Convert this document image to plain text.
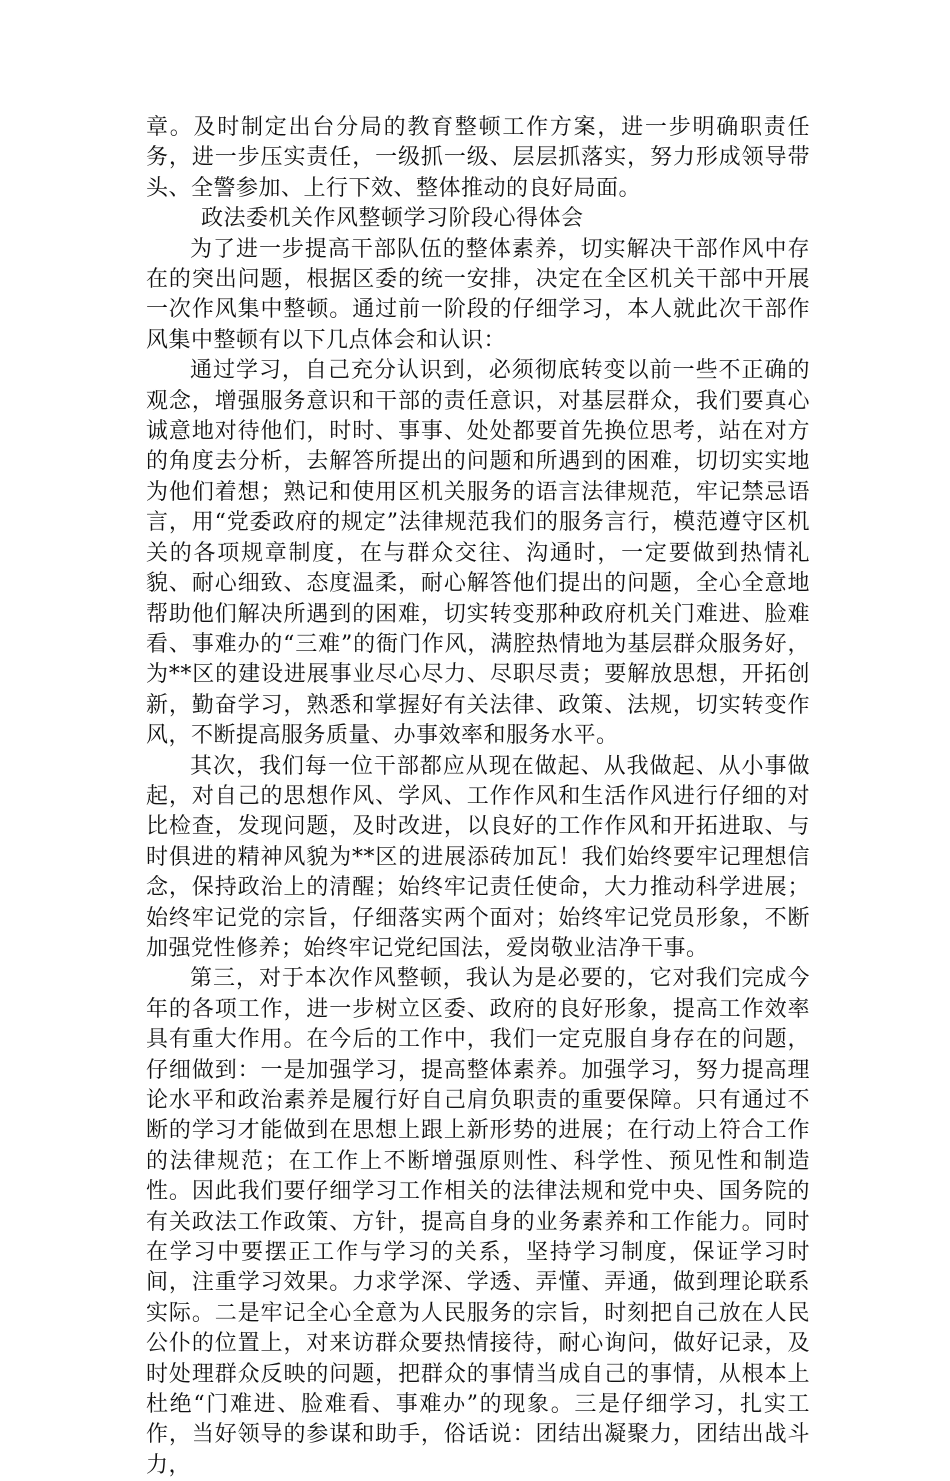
章。及时制定出台分局的教育整顿工作方案，进一步明确职责任务，进一步压实责任，一级抓一级、层层抓落实，努力形成领导带头、全警参加、上行下效、整体推动的良好局面。

政法委机关作风整顿学习阶段心得体会

为了进一步提高干部队伍的整体素养，切实解决干部作风中存在的突出问题，根据区委的统一安排，决定在全区机关干部中开展一次作风集中整顿。通过前一阶段的仔细学习，本人就此次干部作风集中整顿有以下几点体会和认识：

通过学习，自己充分认识到，必须彻底转变以前一些不正确的观念，增强服务意识和干部的责任意识，对基层群众，我们要真心诚意地对待他们，时时、事事、处处都要首先换位思考，站在对方的角度去分析，去解答所提出的问题和所遇到的困难，切切实实地为他们着想；熟记和使用区机关服务的语言法律规范，牢记禁忌语言，用“党委政府的规定”法律规范我们的服务言行，模范遵守区机关的各项规章制度，在与群众交往、沟通时，一定要做到热情礼貌、耐心细致、态度温柔，耐心解答他们提出的问题，全心全意地帮助他们解决所遇到的困难，切实转变那种政府机关门难进、脸难看、事难办的“三难”的衙门作风，满腔热情地为基层群众服务好，为**区的建设进展事业尽心尽力、尽职尽责；要解放思想，开拓创新，勤奋学习，熟悉和掌握好有关法律、政策、法规，切实转变作风，不断提高服务质量、办事效率和服务水平。

其次，我们每一位干部都应从现在做起、从我做起、从小事做起，对自己的思想作风、学风、工作作风和生活作风进行仔细的对比检查，发现问题，及时改进，以良好的工作作风和开拓进取、与时俱进的精神风貌为**区的进展添砖加瓦！我们始终要牢记理想信念，保持政治上的清醒；始终牢记责任使命，大力推动科学进展；始终牢记党的宗旨，仔细落实两个面对；始终牢记党员形象，不断加强党性修养；始终牢记党纪国法，爱岗敬业洁净干事。

第三，对于本次作风整顿，我认为是必要的，它对我们完成今年的各项工作，进一步树立区委、政府的良好形象，提高工作效率具有重大作用。在今后的工作中，我们一定克服自身存在的问题，仔细做到：一是加强学习，提高整体素养。加强学习，努力提高理论水平和政治素养是履行好自己肩负职责的重要保障。只有通过不断的学习才能做到在思想上跟上新形势的进展；在行动上符合工作的法律规范；在工作上不断增强原则性、科学性、预见性和制造性。因此我们要仔细学习工作相关的法律法规和党中央、国务院的有关政法工作政策、方针，提高自身的业务素养和工作能力。同时在学习中要摆正工作与学习的关系，坚持学习制度，保证学习时间，注重学习效果。力求学深、学透、弄懂、弄通，做到理论联系实际。二是牢记全心全意为人民服务的宗旨，时刻把自己放在人民公仆的位置上，对来访群众要热情接待，耐心询问，做好记录，及时处理群众反映的问题，把群众的事情当成自己的事情，从根本上杜绝“门难进、脸难看、事难办”的现象。三是仔细学习，扎实工作，当好领导的参谋和助手，俗话说：团结出凝聚力，团结出战斗力，
